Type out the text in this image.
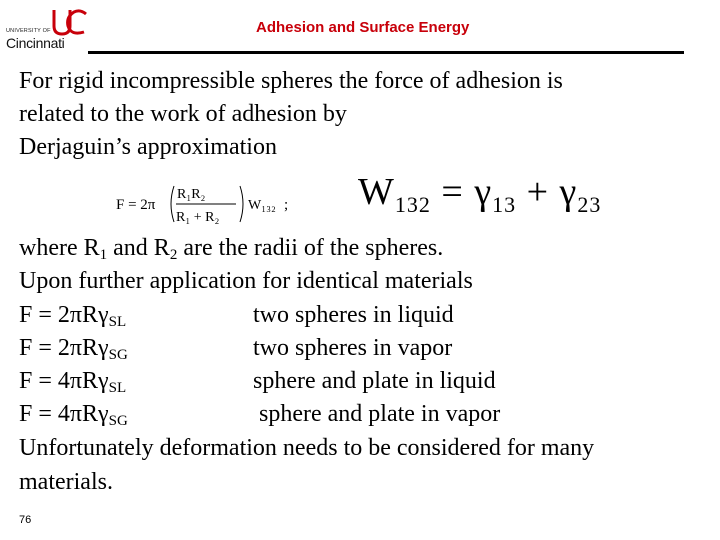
UNIVERSITY OF
Cincinnati
Adhesion and Surface Energy
For rigid incompressible spheres the force of adhesion is
related to the work of adhesion by
Derjaguin’s approximation
F = 2π
R₁R₂
R₁ + R₂
W₁₃₂ ; $W_{132} = \gamma_{13} + \gamma_{23}$
where $R_1$ and $R_2$ are the radii of the spheres.
Upon further application for identical materials
F = 2πRγ$_{SL}$	two spheres in liquid
F = 2πRγ$_{SG}$	two spheres in vapor
F = 4πRγ$_{SL}$	sphere and plate in liquid
F = 4πRγ$_{SG}$	sphere and plate in vapor
Unfortunately deformation needs to be considered for many
materials.
76
